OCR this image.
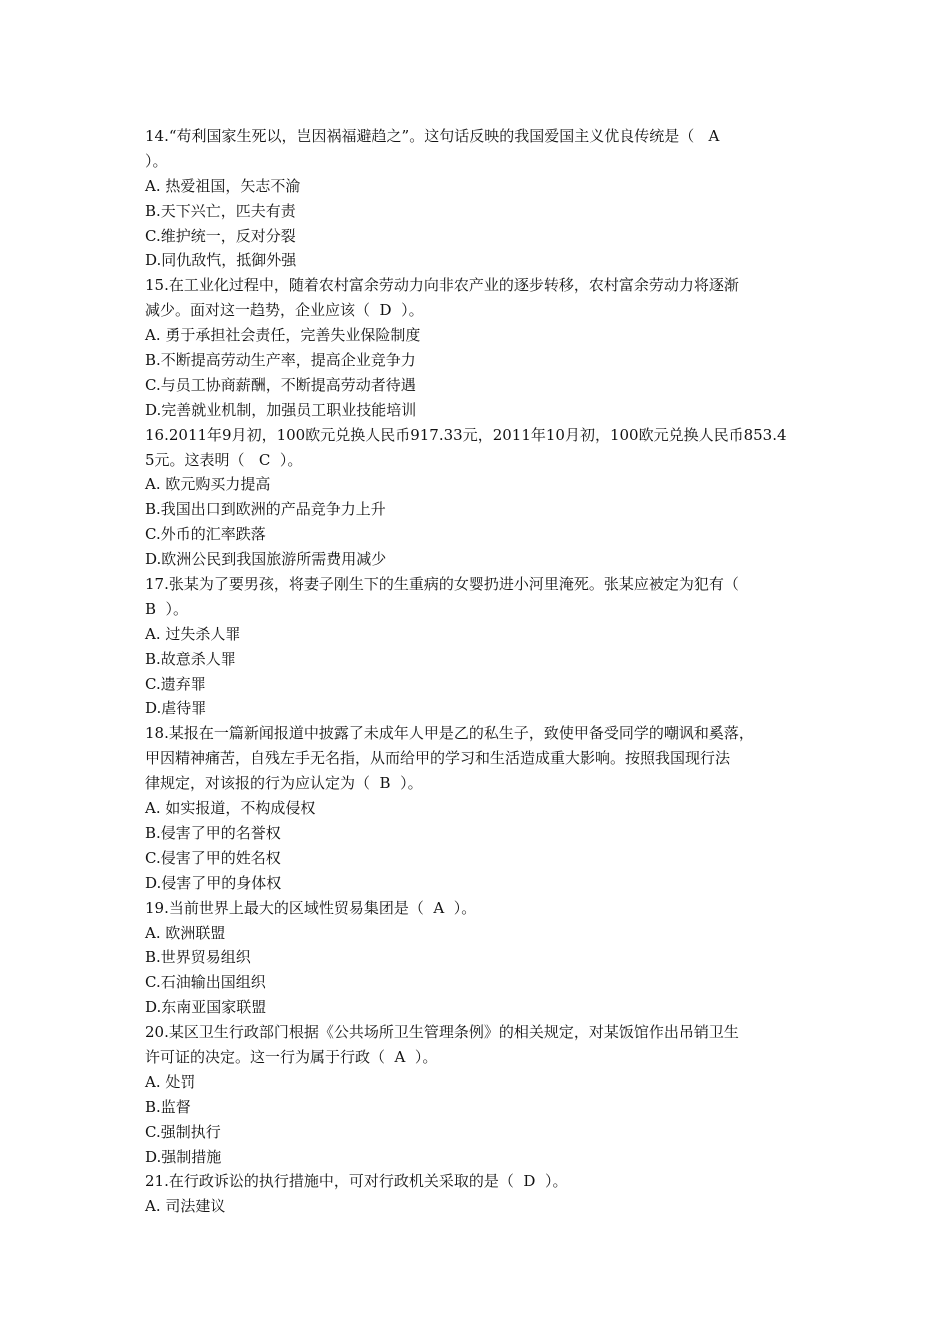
14.“苟利国家生死以，岂因祸福避趋之”。这句话反映的我国爱国主义优良传统是（   A
）。
A. 热爱祖国，矢志不渝
B.天下兴亡，匹夫有责
C.维护统一，反对分裂
D.同仇敌忾，抵御外强
15.在工业化过程中，随着农村富余劳动力向非农产业的逐步转移，农村富余劳动力将逐渐
减少。面对这一趋势，企业应该（  D  ）。
A. 勇于承担社会责任，完善失业保险制度
B.不断提高劳动生产率，提高企业竞争力
C.与员工协商薪酬，不断提高劳动者待遇
D.完善就业机制，加强员工职业技能培训
16.2011年9月初，100欧元兑换人民币917.33元，2011年10月初，100欧元兑换人民币853.4
5元。这表明（   C  ）。
A. 欧元购买力提高
B.我国出口到欧洲的产品竞争力上升
C.外币的汇率跌落
D.欧洲公民到我国旅游所需费用减少
17.张某为了要男孩，将妻子刚生下的生重病的女婴扔进小河里淹死。张某应被定为犯有（
B  ）。
A. 过失杀人罪
B.故意杀人罪
C.遗弃罪
D.虐待罪
18.某报在一篇新闻报道中披露了未成年人甲是乙的私生子，致使甲备受同学的嘲讽和奚落，
甲因精神痛苦，自残左手无名指，从而给甲的学习和生活造成重大影响。按照我国现行法
律规定，对该报的行为应认定为（  B  ）。
A. 如实报道，不构成侵权
B.侵害了甲的名誉权
C.侵害了甲的姓名权
D.侵害了甲的身体权
19.当前世界上最大的区域性贸易集团是（  A  ）。
A. 欧洲联盟
B.世界贸易组织
C.石油输出国组织
D.东南亚国家联盟
20.某区卫生行政部门根据《公共场所卫生管理条例》的相关规定，对某饭馆作出吊销卫生
许可证的决定。这一行为属于行政（  A  ）。
A. 处罚
B.监督
C.强制执行
D.强制措施
21.在行政诉讼的执行措施中，可对行政机关采取的是（  D  ）。
A. 司法建议
